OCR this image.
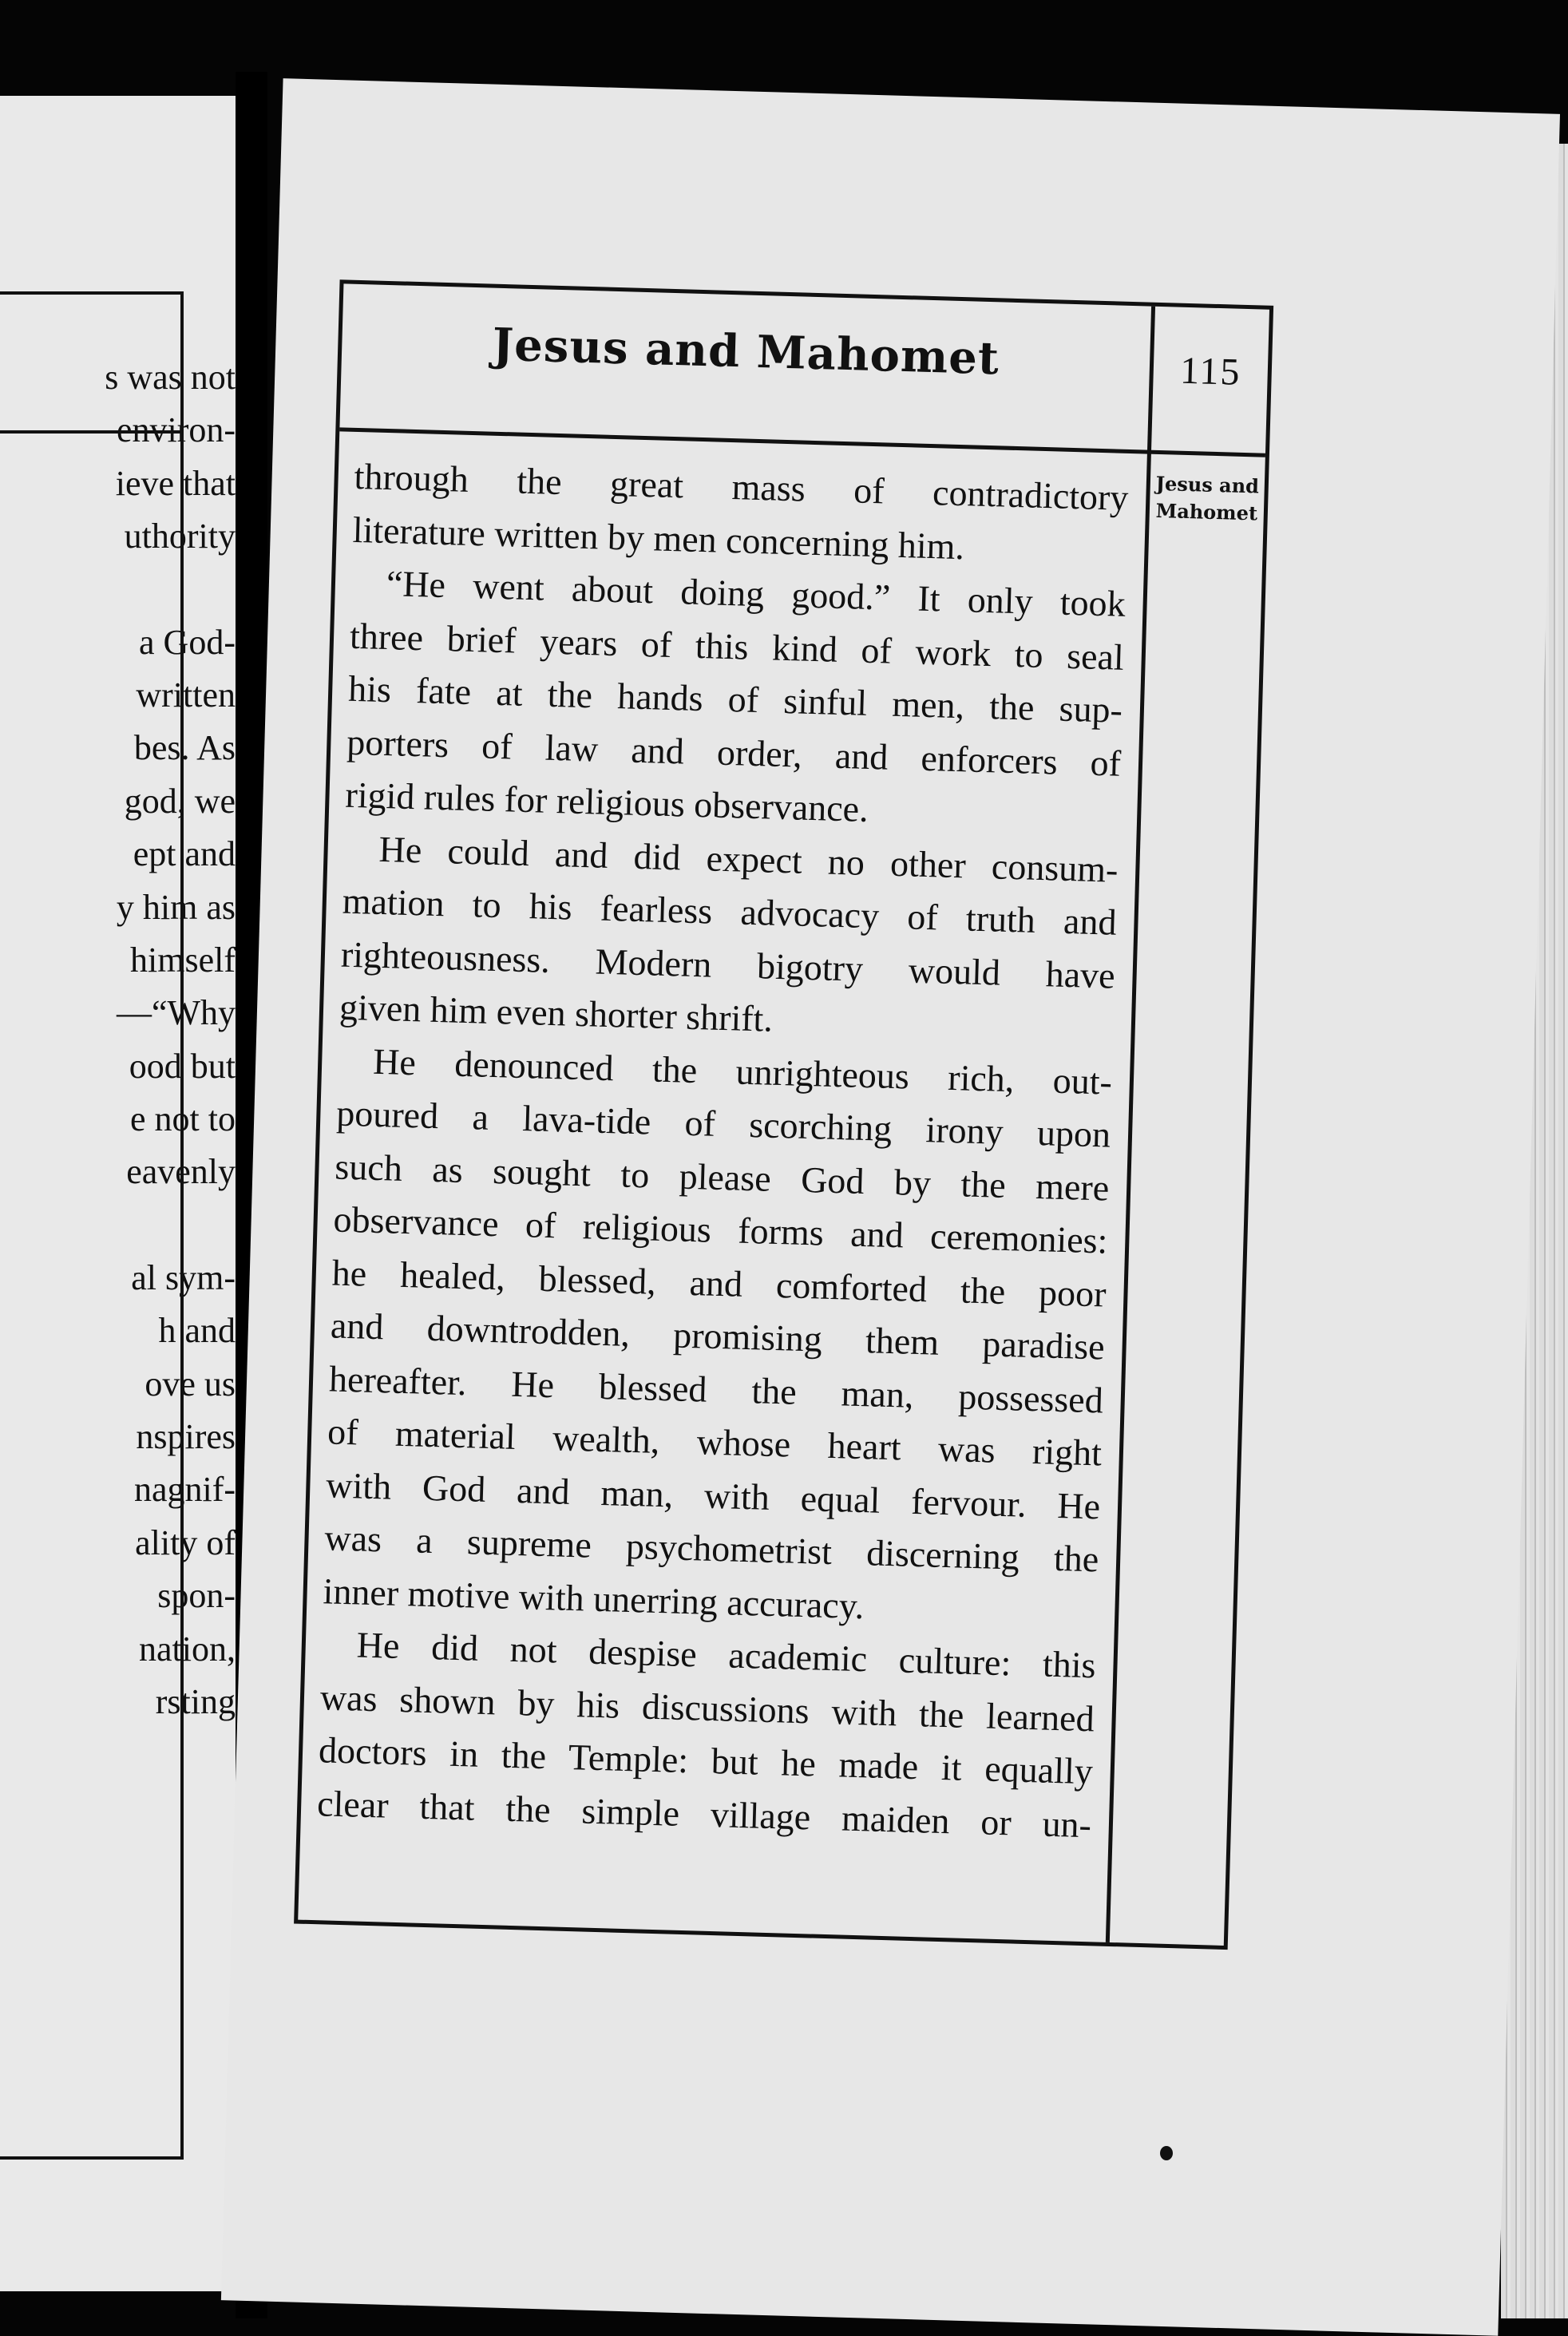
s was not
environ-
ieve that
uthority
a God-
written
bes. As
god, we
ept and
y him as
himself
—“Why
ood but
e not to
eavenly
al sym-
h and
ove us
nspires
nagnif-
ality of
spon-
nation,
rsting
Jesus and Mahomet	115
Jesus and
Mahomet
through the great mass of contradictory
literature written by men concerning him.
“He went about doing good.” It only took
three brief years of this kind of work to seal
his fate at the hands of sinful men, the sup-
porters of law and order, and enforcers of
rigid rules for religious observance.
He could and did expect no other consum-
mation to his fearless advocacy of truth and
righteousness. Modern bigotry would have
given him even shorter shrift.
He denounced the unrighteous rich, out-
poured a lava-tide of scorching irony upon
such as sought to please God by the mere
observance of religious forms and ceremonies:
he healed, blessed, and comforted the poor
and downtrodden, promising them paradise
hereafter. He blessed the man, possessed
of material wealth, whose heart was right
with God and man, with equal fervour. He
was a supreme psychometrist discerning the
inner motive with unerring accuracy.
He did not despise academic culture: this
was shown by his discussions with the learned
doctors in the Temple: but he made it equally
clear that the simple village maiden or un-
